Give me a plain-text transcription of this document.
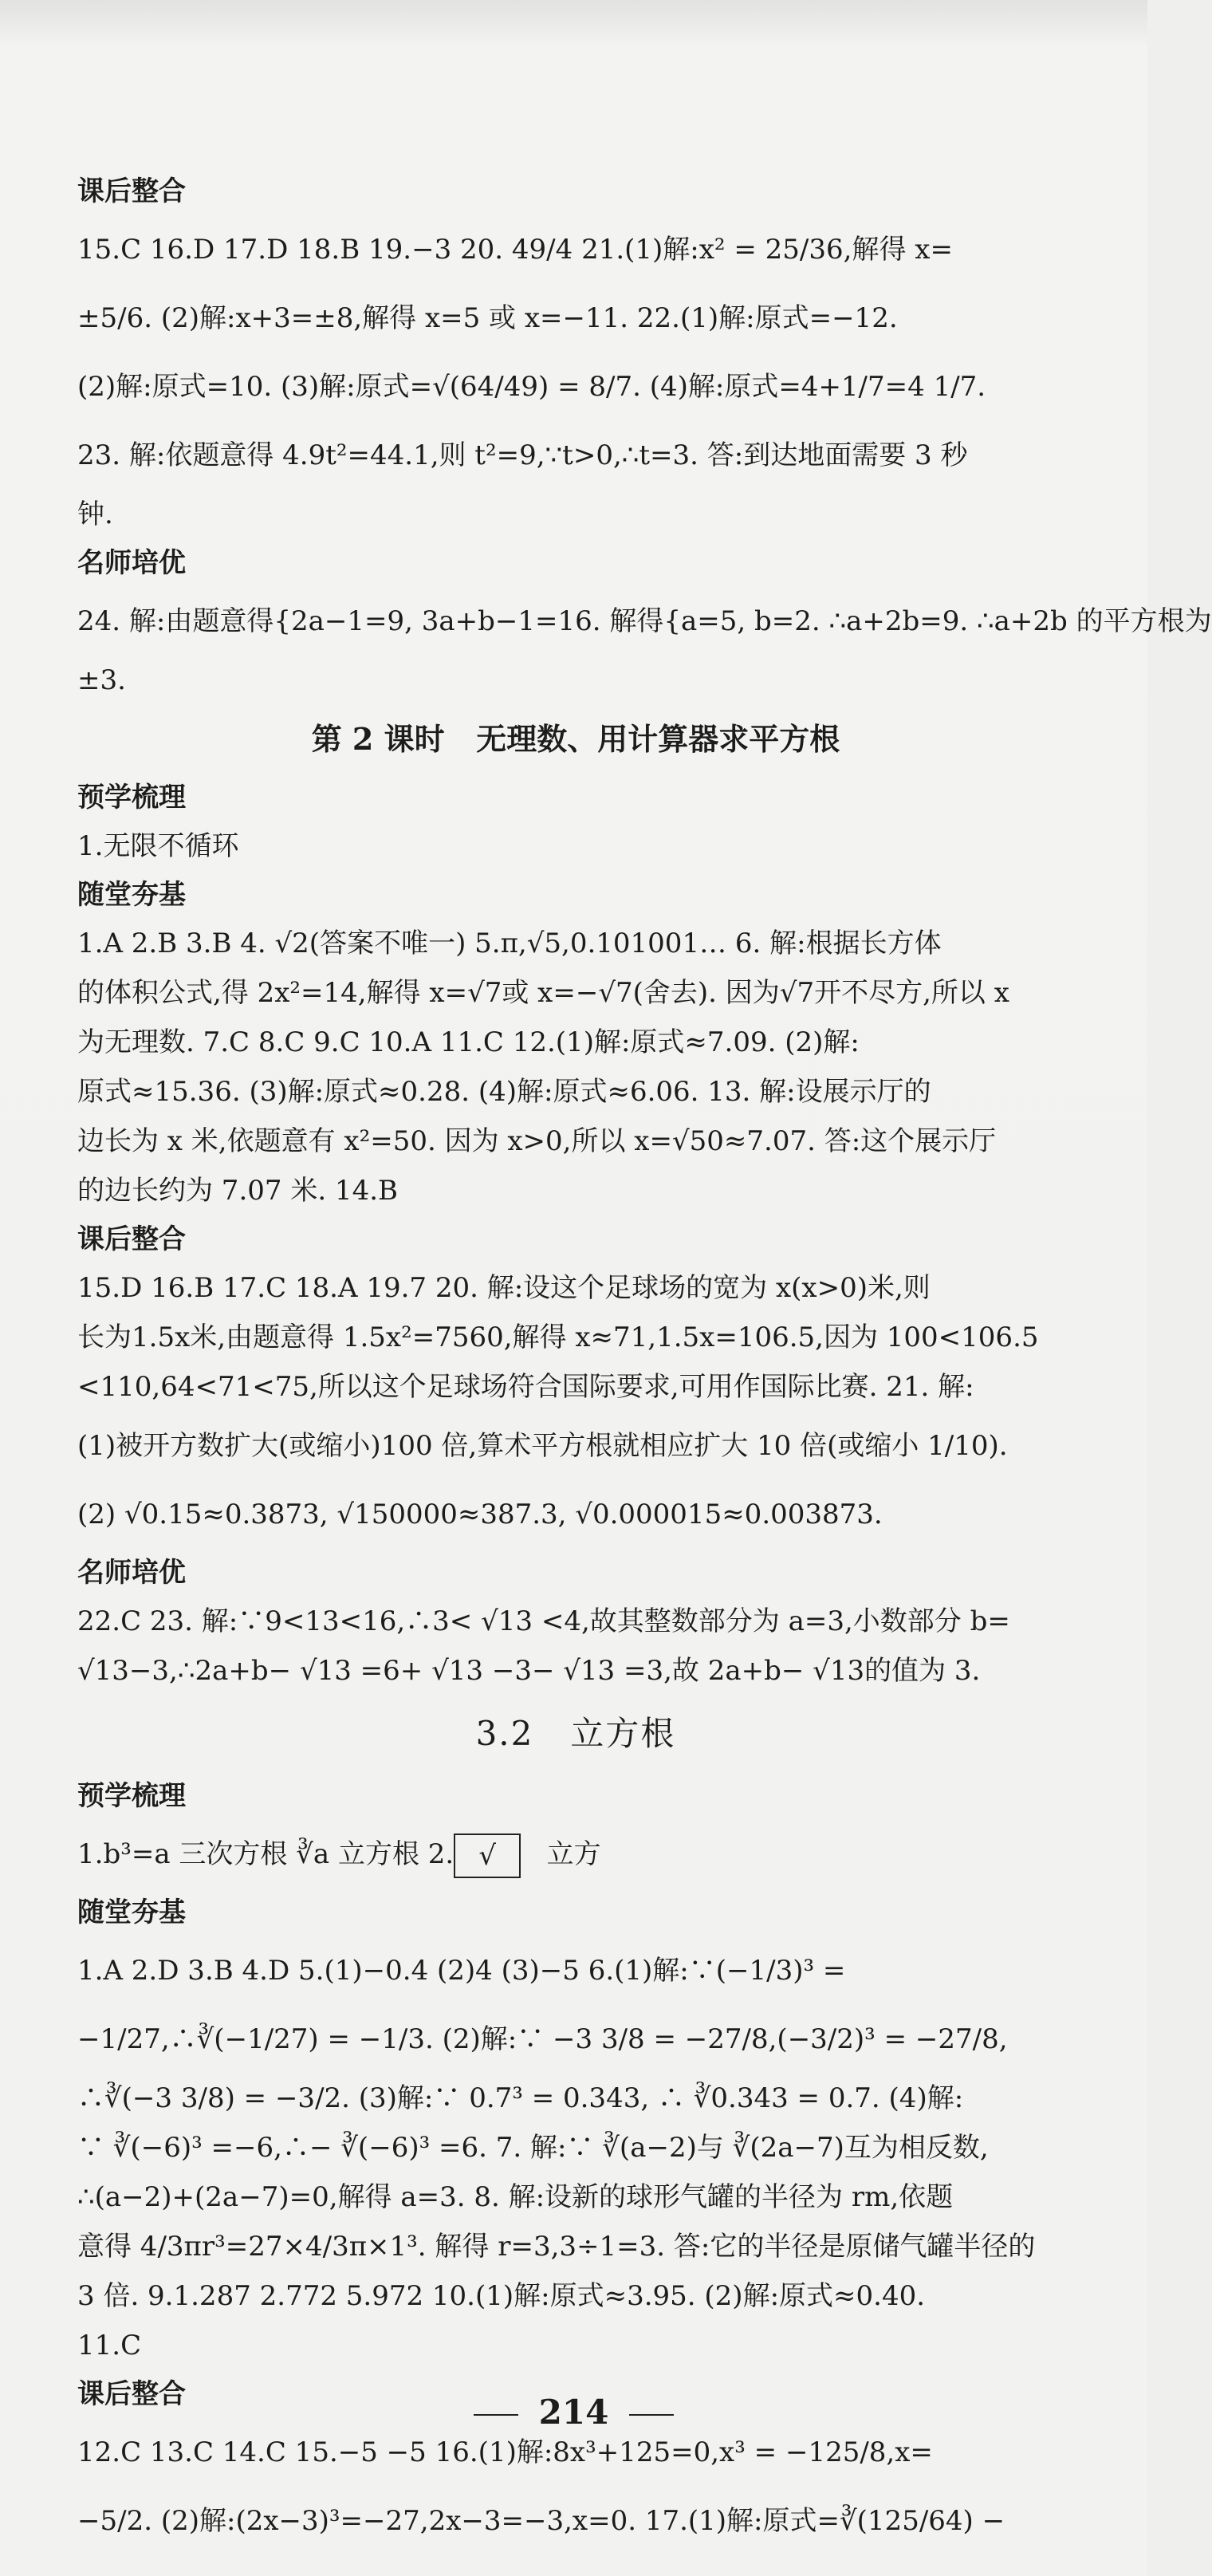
课后整合
15.C 16.D 17.D 18.B 19.−3 20. 49/4 21.(1)解:x² = 25/36,解得 x=
±5/6. (2)解:x+3=±8,解得 x=5 或 x=−11. 22.(1)解:原式=−12.
(2)解:原式=10. (3)解:原式=√(64/49) = 8/7. (4)解:原式=4+1/7=4 1/7.
23. 解:依题意得 4.9t²=44.1,则 t²=9,∵t>0,∴t=3. 答:到达地面需要 3 秒
钟.
名师培优
24. 解:由题意得{2a−1=9, 3a+b−1=16. 解得{a=5, b=2. ∴a+2b=9. ∴a+2b 的平方根为
±3.
第 2 课时   无理数、用计算器求平方根
预学梳理
1.无限不循环
随堂夯基
1.A 2.B 3.B 4. √2(答案不唯一) 5.π,√5,0.101001… 6. 解:根据长方体
的体积公式,得 2x²=14,解得 x=√7或 x=−√7(舍去). 因为√7开不尽方,所以 x
为无理数. 7.C 8.C 9.C 10.A 11.C 12.(1)解:原式≈7.09. (2)解:
原式≈15.36. (3)解:原式≈0.28. (4)解:原式≈6.06. 13. 解:设展示厅的
边长为 x 米,依题意有 x²=50. 因为 x>0,所以 x=√50≈7.07. 答:这个展示厅
的边长约为 7.07 米. 14.B
课后整合
15.D 16.B 17.C 18.A 19.7 20. 解:设这个足球场的宽为 x(x>0)米,则
长为1.5x米,由题意得 1.5x²=7560,解得 x≈71,1.5x=106.5,因为 100<106.5
<110,64<71<75,所以这个足球场符合国际要求,可用作国际比赛. 21. 解:
(1)被开方数扩大(或缩小)100 倍,算术平方根就相应扩大 10 倍(或缩小 1/10).
(2) √0.15≈0.3873, √150000≈387.3, √0.000015≈0.003873.
名师培优
22.C 23. 解:∵9<13<16,∴3< √13 <4,故其整数部分为 a=3,小数部分 b=
√13−3,∴2a+b− √13 =6+ √13 −3− √13 =3,故 2a+b− √13的值为 3.
3.2   立方根
预学梳理
1.b³=a 三次方根 ∛a 立方根 2. √   立方
随堂夯基
1.A 2.D 3.B 4.D 5.(1)−0.4 (2)4 (3)−5 6.(1)解:∵(−1/3)³ =
−1/27,∴∛(−1/27) = −1/3. (2)解:∵ −3 3/8 = −27/8,(−3/2)³ = −27/8,
∴∛(−3 3/8) = −3/2. (3)解:∵ 0.7³ = 0.343, ∴ ∛0.343 = 0.7. (4)解:
∵ ∛(−6)³ =−6,∴− ∛(−6)³ =6. 7. 解:∵ ∛(a−2)与 ∛(2a−7)互为相反数,
∴(a−2)+(2a−7)=0,解得 a=3. 8. 解:设新的球形气罐的半径为 rm,依题
意得 4/3πr³=27×4/3π×1³. 解得 r=3,3÷1=3. 答:它的半径是原储气罐半径的
3 倍. 9.1.287 2.772 5.972 10.(1)解:原式≈3.95. (2)解:原式≈0.40.
11.C
课后整合
12.C 13.C 14.C 15.−5 −5 16.(1)解:8x³+125=0,x³ = −125/8,x=
−5/2. (2)解:(2x−3)³=−27,2x−3=−3,x=0. 17.(1)解:原式=∛(125/64) −
214
